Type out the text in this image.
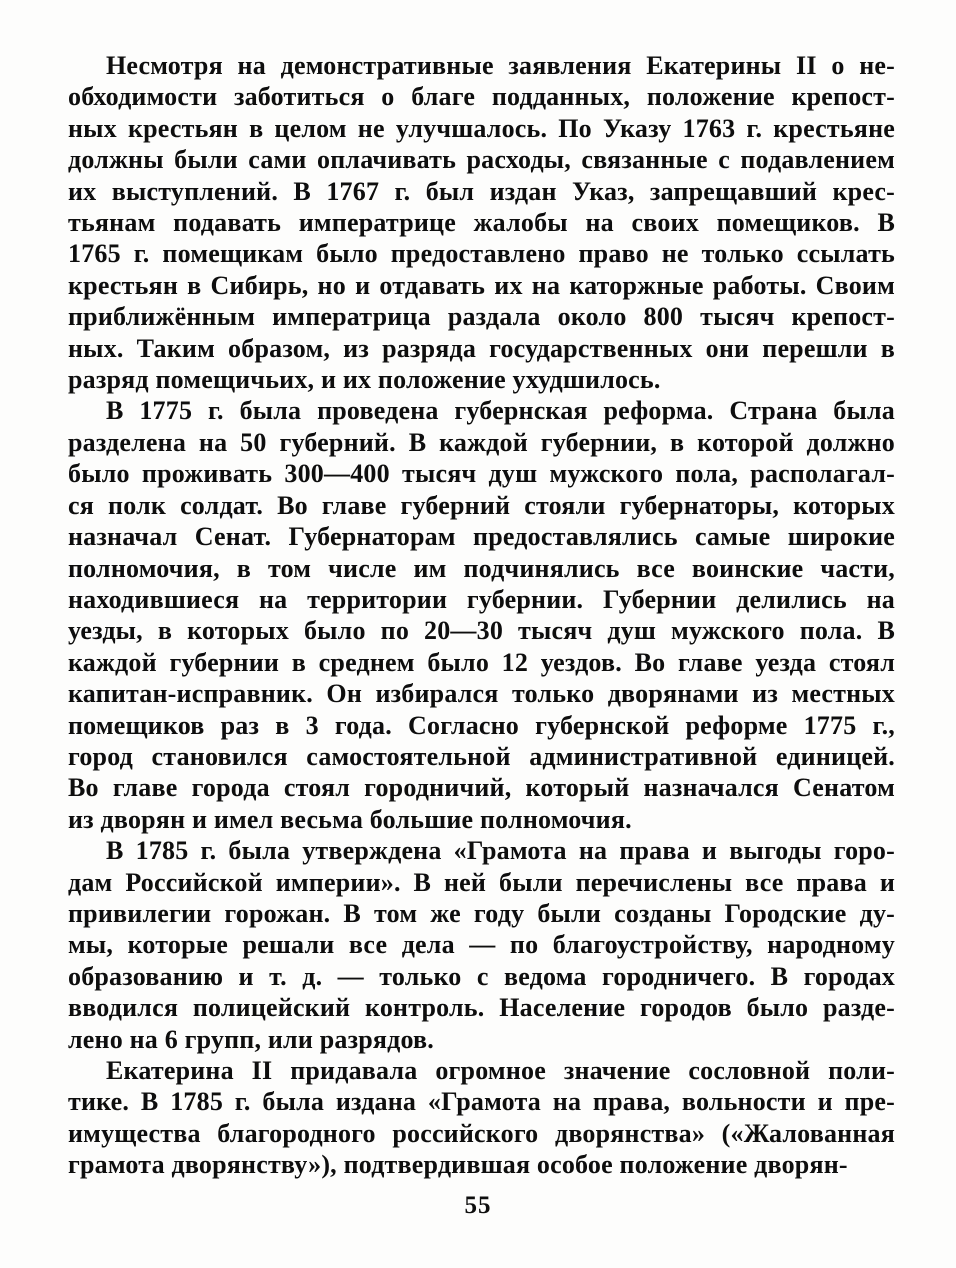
Несмотря на демонстративные заявления Екатерины II о не-
обходимости заботиться о благе подданных, положение крепост-
ных крестьян в целом не улучшалось. По Указу 1763 г. крестьяне
должны были сами оплачивать расходы, связанные с подавлением
их выступлений. В 1767 г. был издан Указ, запрещавший крес-
тьянам подавать императрице жалобы на своих помещиков. В
1765 г. помещикам было предоставлено право не только ссылать
крестьян в Сибирь, но и отдавать их на каторжные работы. Своим
приближённым императрица раздала около 800 тысяч крепост-
ных. Таким образом, из разряда государственных они перешли в
разряд помещичьих, и их положение ухудшилось.
В 1775 г. была проведена губернская реформа. Страна была
разделена на 50 губерний. В каждой губернии, в которой должно
было проживать 300—400 тысяч душ мужского пола, располагал-
ся полк солдат. Во главе губерний стояли губернаторы, которых
назначал Сенат. Губернаторам предоставлялись самые широкие
полномочия, в том числе им подчинялись все воинские части,
находившиеся на территории губернии. Губернии делились на
уезды, в которых было по 20—30 тысяч душ мужского пола. В
каждой губернии в среднем было 12 уездов. Во главе уезда стоял
капитан-исправник. Он избирался только дворянами из местных
помещиков раз в 3 года. Согласно губернской реформе 1775 г.,
город становился самостоятельной административной единицей.
Во главе города стоял городничий, который назначался Сенатом
из дворян и имел весьма большие полномочия.
В 1785 г. была утверждена «Грамота на права и выгоды горо-
дам Российской империи». В ней были перечислены все права и
привилегии горожан. В том же году были созданы Городские ду-
мы, которые решали все дела — по благоустройству, народному
образованию и т. д. — только с ведома городничего. В городах
вводился полицейский контроль. Население городов было разде-
лено на 6 групп, или разрядов.
Екатерина II придавала огромное значение сословной поли-
тике. В 1785 г. была издана «Грамота на права, вольности и пре-
имущества благородного российского дворянства» («Жалованная
грамота дворянству»), подтвердившая особое положение дворян-
55
